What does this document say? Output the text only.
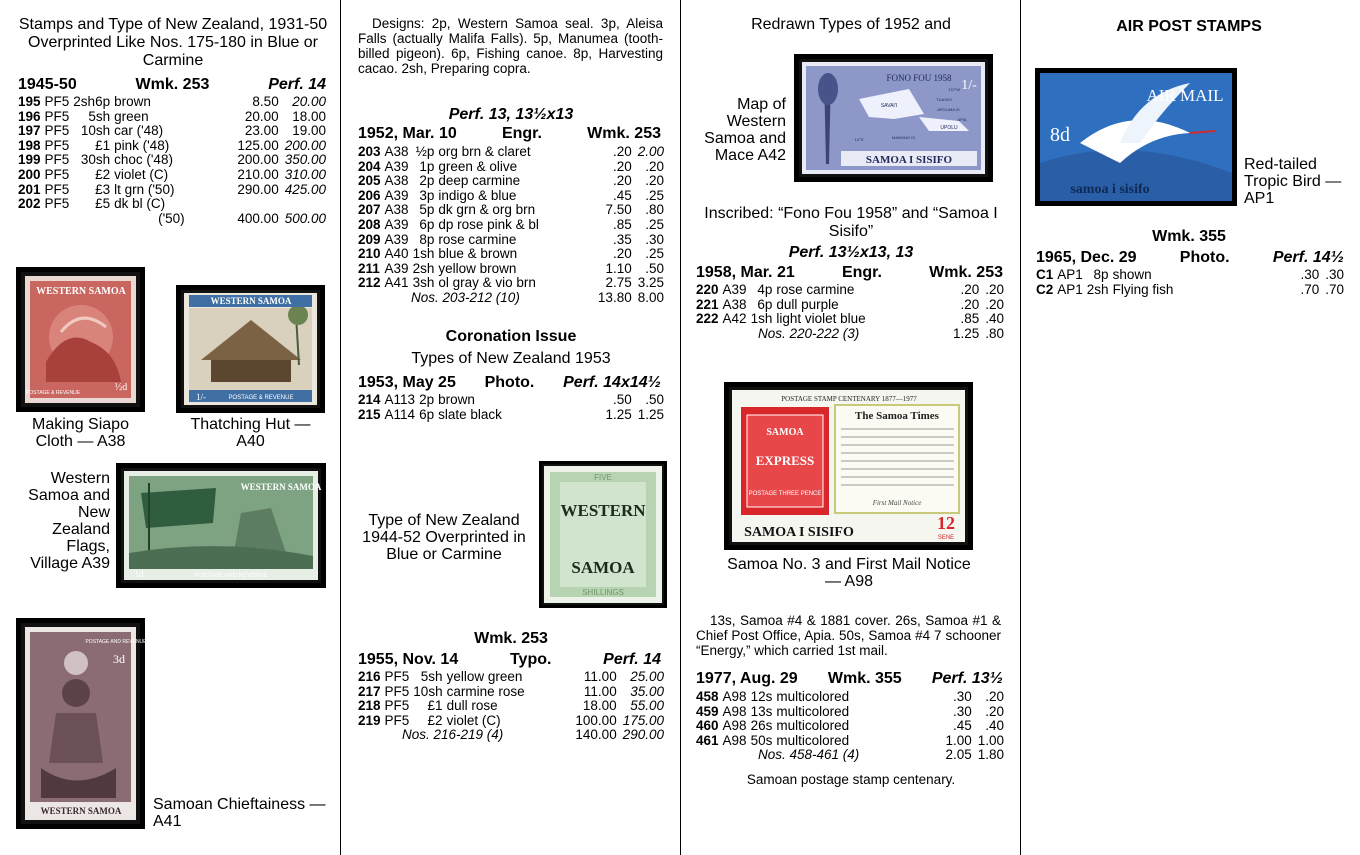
Stamps and Type of New Zealand, 1931-50 Overprinted Like Nos. 175-180 in Blue or Carmine
1945-50	Wmk. 253	Perf. 14
195	PF5	2sh6p	brown	8.50	20.00
196	PF5	5sh	green	20.00	18.00
197	PF5	10sh	car ('48)	23.00	19.00
198	PF5	£1	pink ('48)	125.00	200.00
199	PF5	30sh	choc ('48)	200.00	350.00
200	PF5	£2	violet (C)	210.00	310.00
201	PF5	£3	lt grn ('50)	290.00	425.00
202	PF5	£5	dk bl (C)		
			('50)	400.00	500.00
WESTERN SAMOA
½d
POSTAGE & REVENUE
Making Siapo Cloth — A38
WESTERN SAMOA
1/-	POSTAGE & REVENUE
Thatching Hut — A40
Western Samoa and New Zealand Flags, Village A39
WESTERN SAMOA
1d	POSTAGE AND REVENUE
POSTAGE AND REVENUE
3d
WESTERN SAMOA Samoan Chieftainess — A41
Designs: 2p, Western Samoa seal. 3p, Aleisa Falls (actually Malifa Falls). 5p, Manumea (tooth-billed pigeon). 6p, Fishing canoe. 8p, Harvesting cacao. 2sh, Preparing copra.
Perf. 13, 13½x13
1952, Mar. 10	Engr.	Wmk. 253
203	A38	½p	org brn & claret	.20	2.00
204	A39	1p	green & olive	.20	.20
205	A38	2p	deep carmine	.20	.20
206	A39	3p	indigo & blue	.45	.25
207	A38	5p	dk grn & org brn	7.50	.80
208	A39	6p	dp rose pink & bl	.85	.25
209	A39	8p	rose carmine	.35	.30
210	A40	1sh	blue & brown	.20	.25
211	A39	2sh	yellow brown	1.10	.50
212	A41	3sh	ol gray & vio brn	2.75	3.25
Nos. 203-212 (10)				13.80	8.00
Coronation Issue
Types of New Zealand 1953
1953, May 25 Photo. Perf. 14x14½
214	A113	2p	brown	.50	.50
215	A114	6p	slate black	1.25	1.25
Type of New Zealand 1944-52 Overprinted in Blue or Carmine
Wmk. 253
1955, Nov. 14	Typo.	Perf. 14
216	PF5	5sh	yellow green	11.00	25.00
217	PF5	10sh	carmine rose	11.00	35.00
218	PF5	£1	dull rose	18.00	55.00
219	PF5	£2	violet (C)	100.00	175.00
Nos. 216-219 (4)				140.00	290.00
FIVE
WESTERN
SAMOA
SHILLINGS
Redrawn Types of 1952 and
Map of Western Samoa and Mace A42
Inscribed: “Fono Fou 1958” and “Samoa I Sisifo”
Perf. 13½x13, 13
1958, Mar. 21	Engr.	Wmk. 253
220	A39	4p	rose carmine	.20	.20
221	A38	6p	dull purple	.20	.20
222	A42	1sh	light violet blue	.85	.40
Nos. 220-222 (3)				1.25	.80
Samoa No. 3 and First Mail Notice — A98
13s, Samoa #4 & 1881 cover. 26s, Samoa #1 & Chief Post Office, Apia. 50s, Samoa #4 7 schooner “Energy,” which carried 1st mail.
1977, Aug. 29 Wmk. 355 Perf. 13½
458	A98	12s	multicolored	.30	.20
459	A98	13s	multicolored	.30	.20
460	A98	26s	multicolored	.45	.40
461	A98	50s	multicolored	1.00	1.00
Nos. 458-461 (4)				2.05	1.80
Samoan postage stamp centenary.
FONO FOU 1958 1/-
SAVAI'I
UPOLU
TUASIVI
APOLIMA IS.
APIA
MANONO IS.
172°W
14°S
SAMOA I SISIFO
POSTAGE STAMP CENTENARY 1877—1977
The Samoa Times
First Mail Notice
SAMOA
EXPRESS
POSTAGE THREE PENCE
SAMOA I SISIFO	12
SENE
AIR POST STAMPS
Red-tailed Tropic Bird — AP1
Wmk. 355
1965, Dec. 29	Photo.	Perf. 14½
C1	AP1	8p	shown	.30	.30
C2	AP1	2sh	Flying fish	.70	.70
AIR MAIL
8d
samoa i sisifo
